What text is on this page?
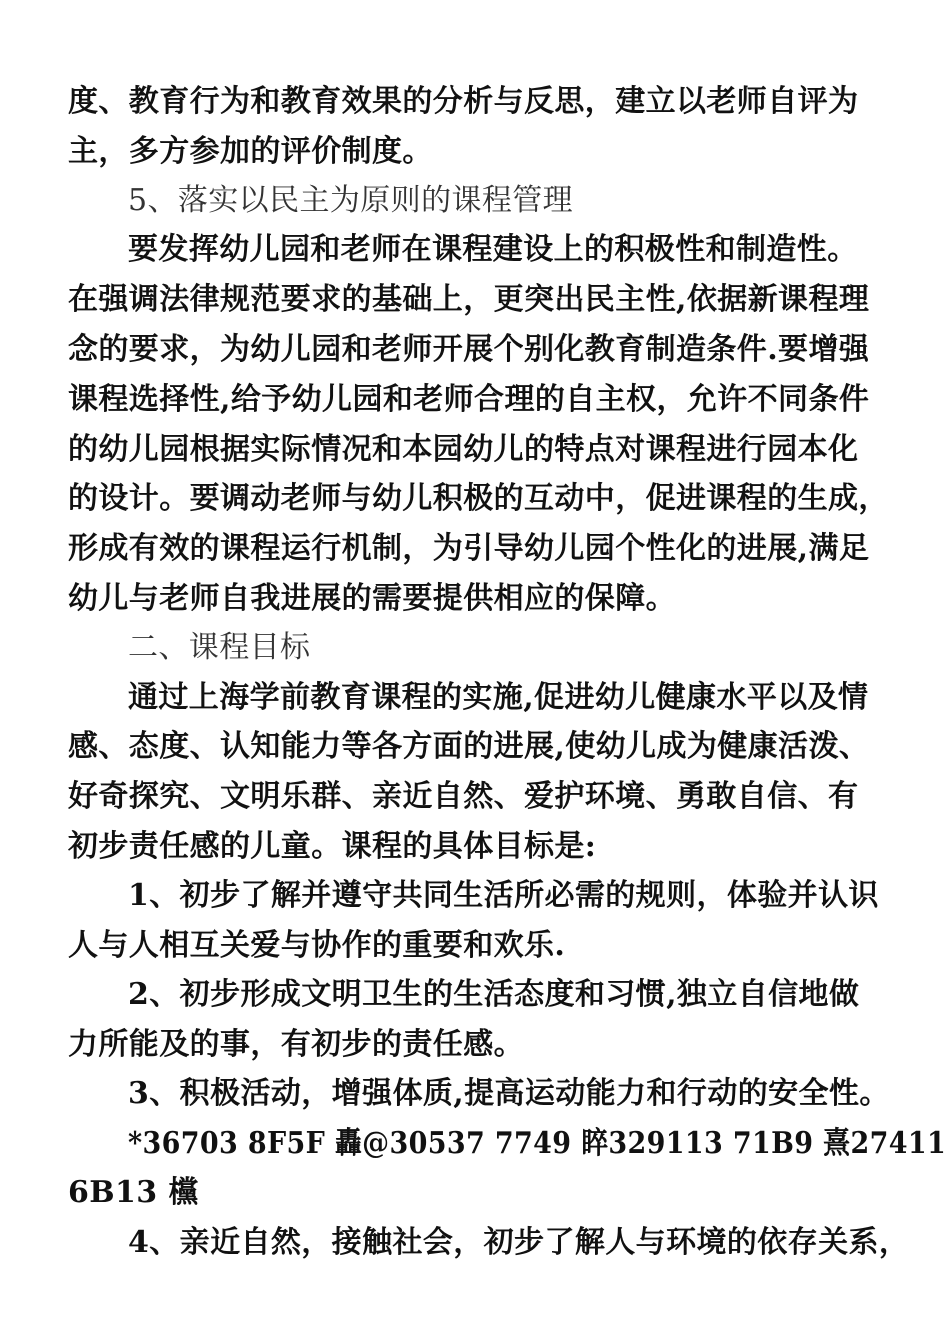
度、教育行为和教育效果的分析与反思，建立以老师自评为
主，多方参加的评价制度。
5、落实以民主为原则的课程管理
要发挥幼儿园和老师在课程建设上的积极性和制造性。
在强调法律规范要求的基础上，更突出民主性,依据新课程理
念的要求，为幼儿园和老师开展个别化教育制造条件.要增强
课程选择性,给予幼儿园和老师合理的自主权，允许不同条件
的幼儿园根据实际情况和本园幼儿的特点对课程进行园本化
的设计。要调动老师与幼儿积极的互动中，促进课程的生成，
形成有效的课程运行机制，为引导幼儿园个性化的进展,满足
幼儿与老师自我进展的需要提供相应的保障。
二、课程目标
通过上海学前教育课程的实施,促进幼儿健康水平以及情
感、态度、认知能力等各方面的进展,使幼儿成为健康活泼、
好奇探究、文明乐群、亲近自然、爱护环境、勇敢自信、有
初步责任感的儿童。课程的具体目标是:
1、初步了解并遵守共同生活所必需的规则，体验并认识
人与人相互关爱与协作的重要和欢乐.
2、初步形成文明卫生的生活态度和习惯,独立自信地做
力所能及的事，有初步的责任感。
3、积极活动，增强体质,提高运动能力和行动的安全性。
*36703 8F5F 轟@30537 7749 睟329113 71B9 熹27411
6B13 欓
4、亲近自然，接触社会，初步了解人与环境的依存关系，
